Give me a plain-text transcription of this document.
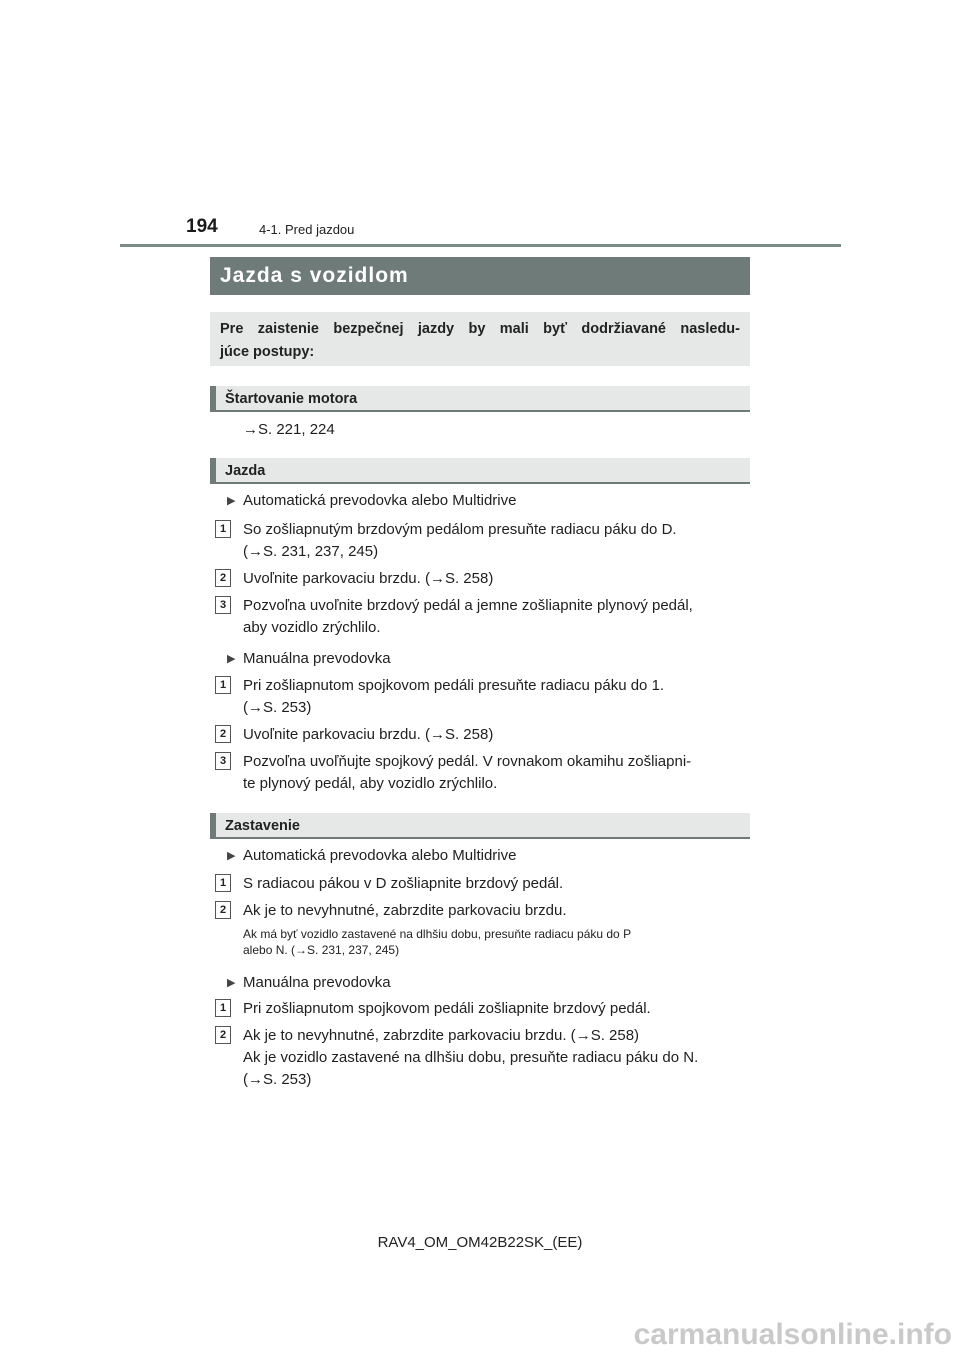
194	4-1. Pred jazdou
Jazda s vozidlom
Pre zaistenie bezpečnej jazdy by mali byť dodržiavané nasledu-
júce postupy:
Štartovanie motora
→S. 221, 224
Jazda
▶ Automatická prevodovka alebo Multidrive
1	So zošliapnutým brzdovým pedálom presuňte radiacu páku do D.
(→S. 231, 237, 245)
2	Uvoľnite parkovaciu brzdu. (→S. 258)
3	Pozvoľna uvoľnite brzdový pedál a jemne zošliapnite plynový pedál,
aby vozidlo zrýchlilo.
▶ Manuálna prevodovka
1	Pri zošliapnutom spojkovom pedáli presuňte radiacu páku do 1.
(→S. 253)
2	Uvoľnite parkovaciu brzdu. (→S. 258)
3	Pozvoľna uvoľňujte spojkový pedál. V rovnakom okamihu zošliapni-
te plynový pedál, aby vozidlo zrýchlilo.
Zastavenie
▶ Automatická prevodovka alebo Multidrive
1	S radiacou pákou v D zošliapnite brzdový pedál.
2	Ak je to nevyhnutné, zabrzdite parkovaciu brzdu.
Ak má byť vozidlo zastavené na dlhšiu dobu, presuňte radiacu páku do P
alebo N. (→S. 231, 237, 245)
▶ Manuálna prevodovka
1	Pri zošliapnutom spojkovom pedáli zošliapnite brzdový pedál.
2	Ak je to nevyhnutné, zabrzdite parkovaciu brzdu. (→S. 258)
Ak je vozidlo zastavené na dlhšiu dobu, presuňte radiacu páku do N.
(→S. 253)
RAV4_OM_OM42B22SK_(EE)
carmanualsonline.info
